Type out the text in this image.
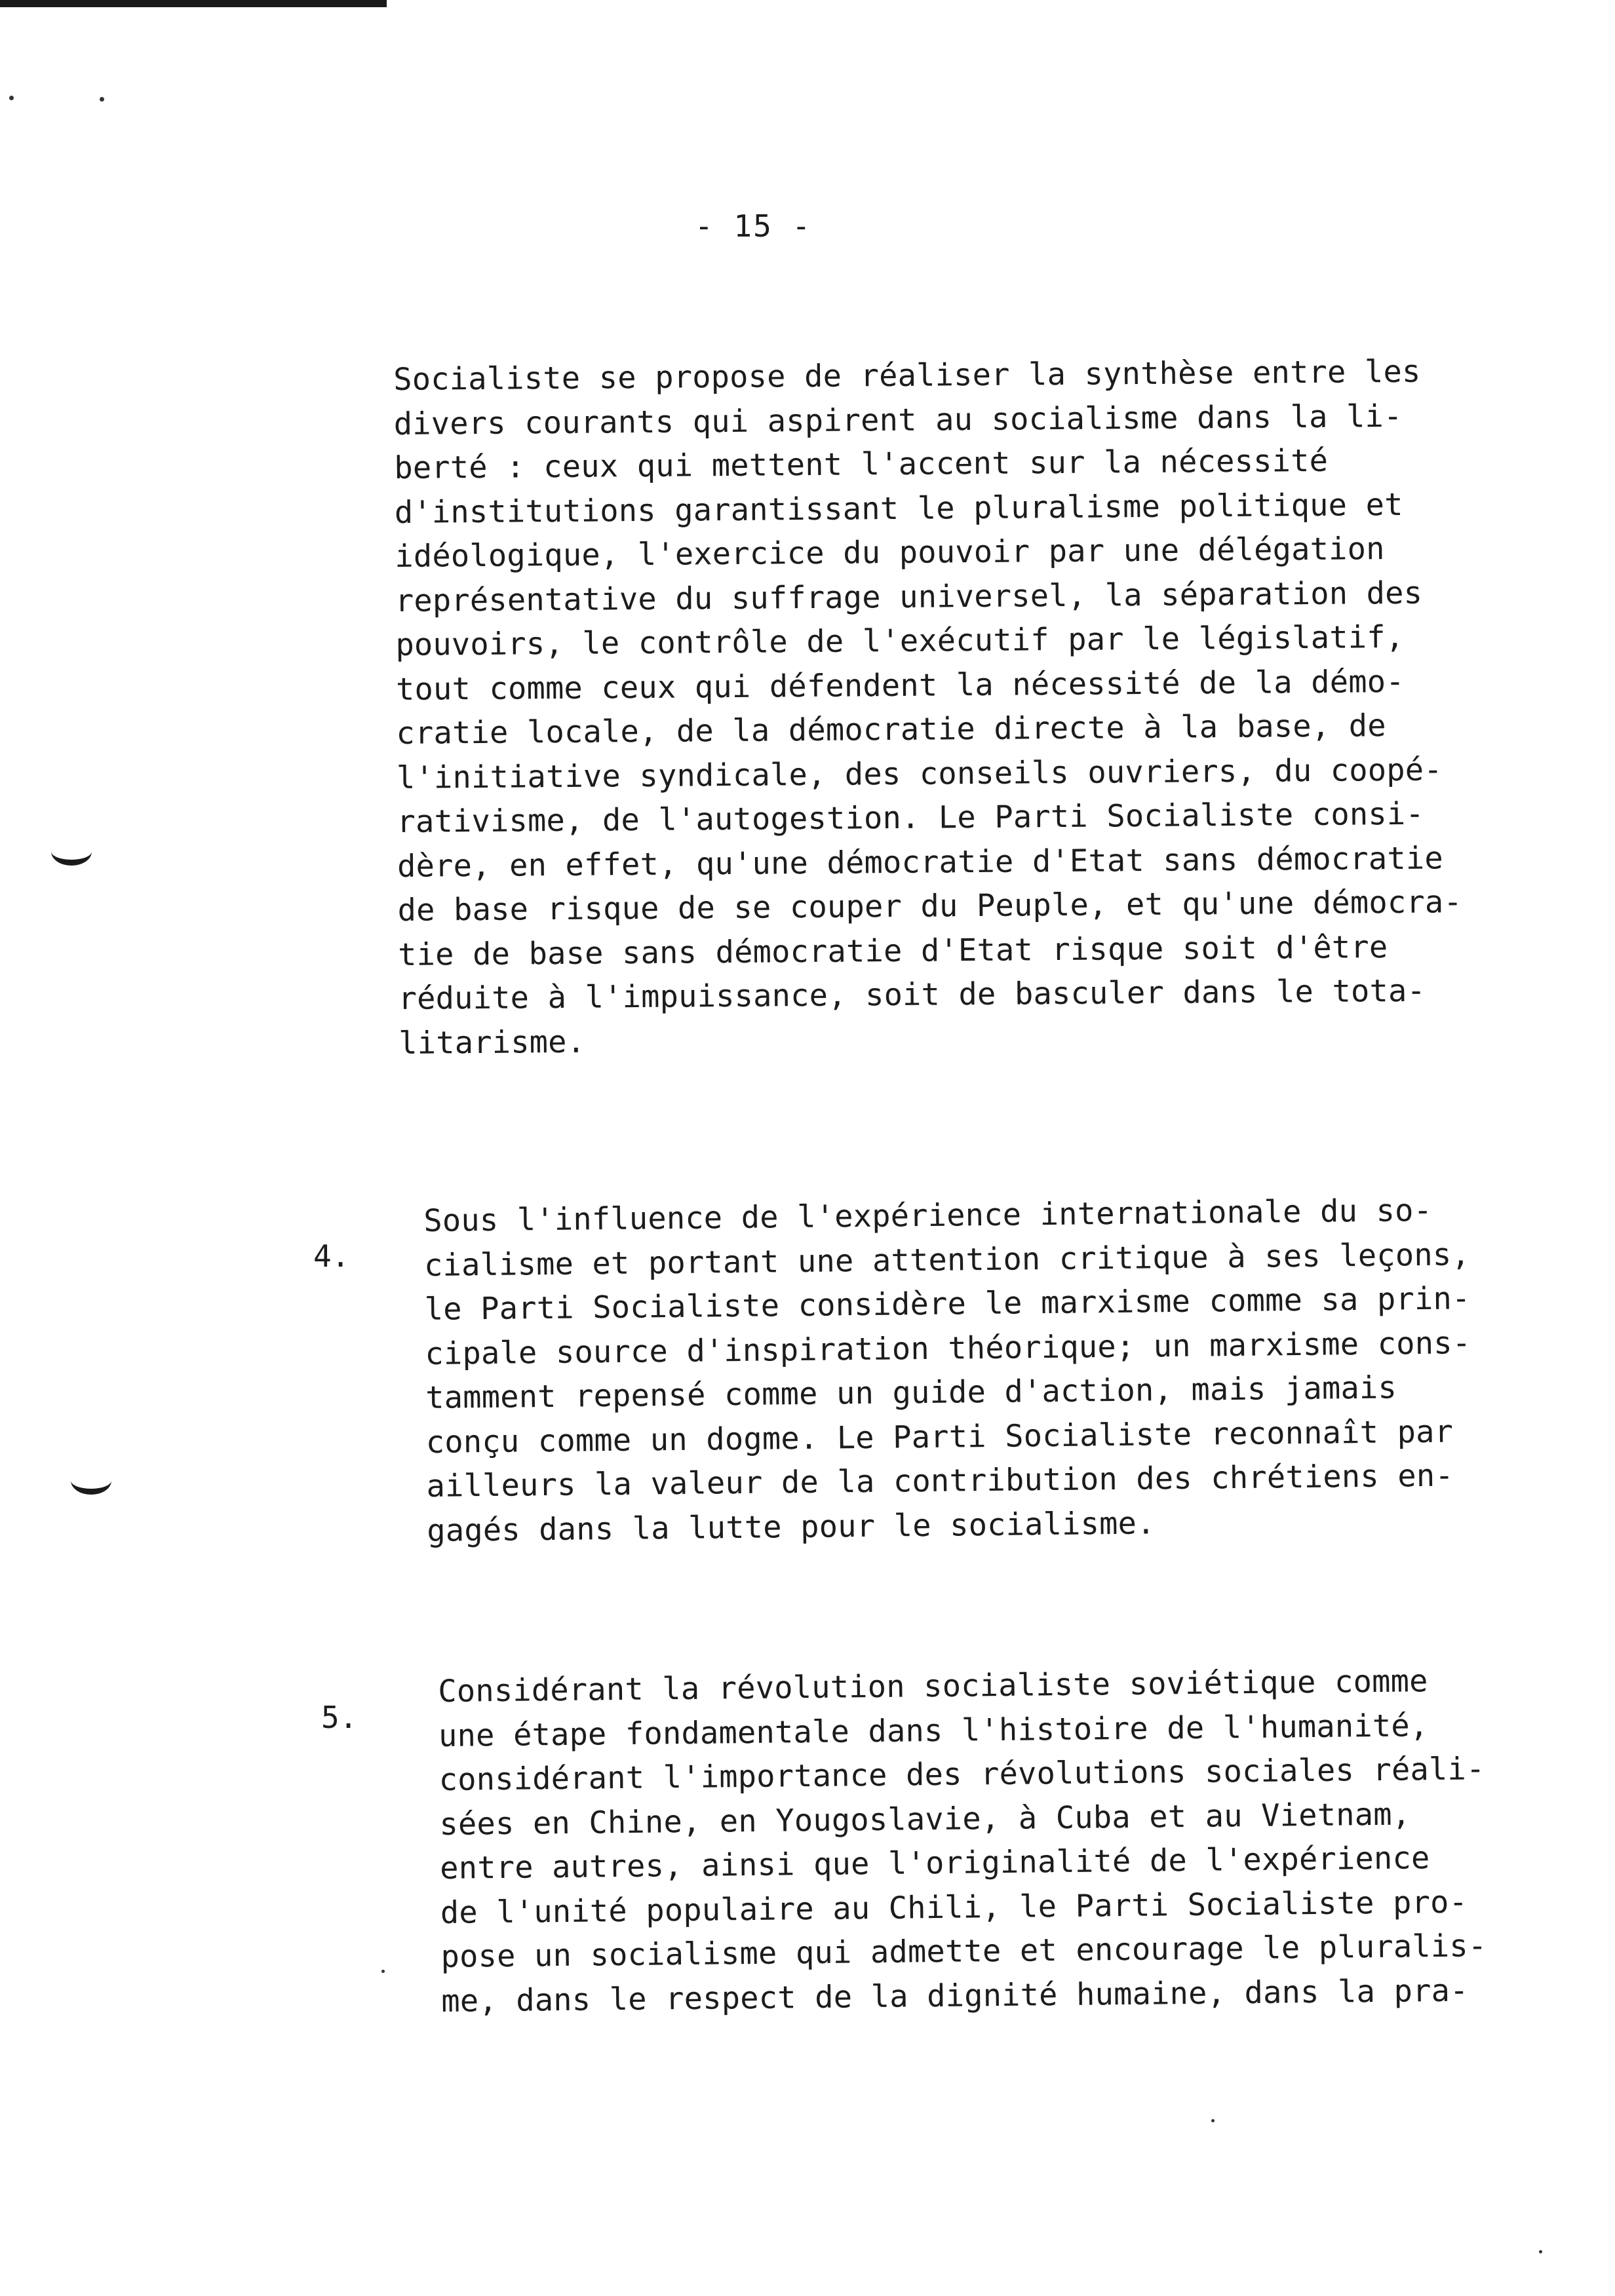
- 15 -
Socialiste se propose de réaliser la synthèse entre les
divers courants qui aspirent au socialisme dans la li-
berté : ceux qui mettent l'accent sur la nécessité
d'institutions garantissant le pluralisme politique et
idéologique, l'exercice du pouvoir par une délégation
représentative du suffrage universel, la séparation des
pouvoirs, le contrôle de l'exécutif par le législatif,
tout comme ceux qui défendent la nécessité de la démo-
cratie locale, de la démocratie directe à la base, de
l'initiative syndicale, des conseils ouvriers, du coopé-
rativisme, de l'autogestion. Le Parti Socialiste consi-
dère, en effet, qu'une démocratie d'Etat sans démocratie
de base risque de se couper du Peuple, et qu'une démocra-
tie de base sans démocratie d'Etat risque soit d'être
réduite à l'impuissance, soit de basculer dans le tota-
litarisme.
4.
Sous l'influence de l'expérience internationale du so-
cialisme et portant une attention critique à ses leçons,
le Parti Socialiste considère le marxisme comme sa prin-
cipale source d'inspiration théorique; un marxisme cons-
tamment repensé comme un guide d'action, mais jamais
conçu comme un dogme. Le Parti Socialiste reconnaît par
ailleurs la valeur de la contribution des chrétiens en-
gagés dans la lutte pour le socialisme.
5.
Considérant la révolution socialiste soviétique comme
une étape fondamentale dans l'histoire de l'humanité,
considérant l'importance des révolutions sociales réali-
sées en Chine, en Yougoslavie, à Cuba et au Vietnam,
entre autres, ainsi que l'originalité de l'expérience
de l'unité populaire au Chili, le Parti Socialiste pro-
pose un socialisme qui admette et encourage le pluralis-
me, dans le respect de la dignité humaine, dans la pra-
